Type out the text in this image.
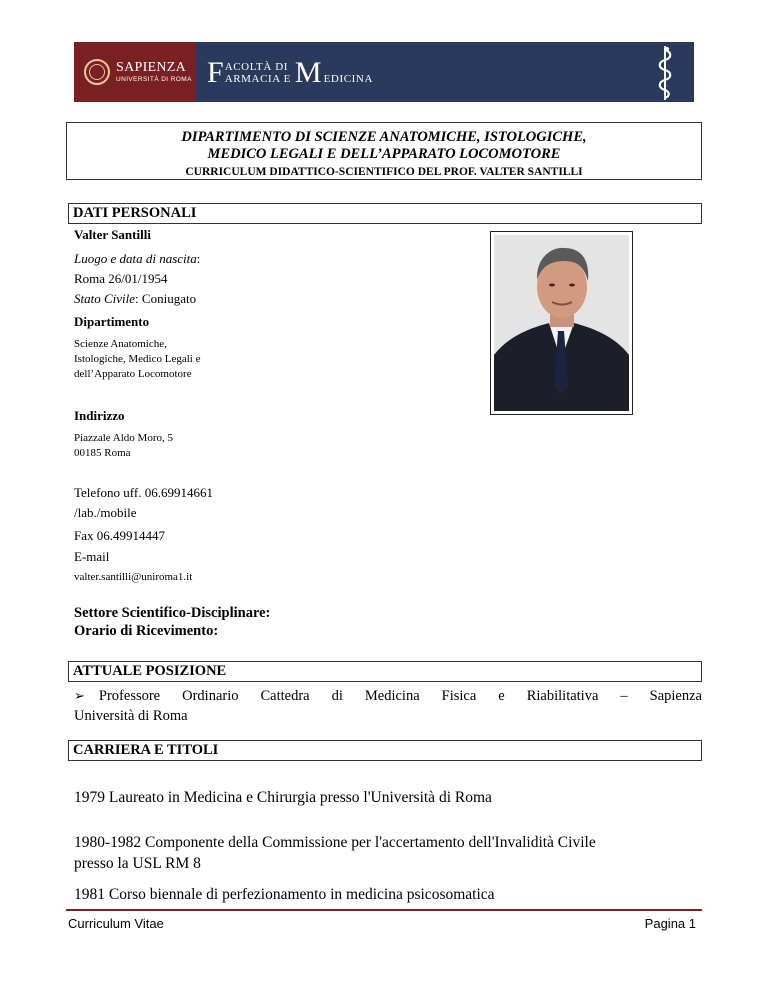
SAPIENZA
UNIVERSITÀ DI ROMA F ACOLTÀ DI
ARMACIA E M EDICINA
DIPARTIMENTO DI SCIENZE ANATOMICHE, ISTOLOGICHE,
MEDICO LEGALI E DELL’APPARATO LOCOMOTORE
CURRICULUM DIDATTICO-SCIENTIFICO DEL PROF. VALTER SANTILLI
DATI PERSONALI
Valter Santilli
Luogo e data di nascita:
Roma 26/01/1954
Stato Civile: Coniugato
Dipartimento
Scienze Anatomiche,
Istologiche, Medico Legali e
dell’Apparato Locomotore
Indirizzo
Piazzale Aldo Moro, 5
00185 Roma
Telefono uff. 06.69914661
/lab./mobile
Fax 06.49914447
E-mail
valter.santilli@uniroma1.it
Settore Scientifico-Disciplinare:
Orario di Ricevimento:
ATTUALE POSIZIONE
➢ Professore Ordinario Cattedra di Medicina Fisica e Riabilitativa – Sapienza
Università di Roma
CARRIERA E TITOLI
1979 Laureato in Medicina e Chirurgia presso l'Università di Roma
1980-1982 Componente della Commissione per l'accertamento dell'Invalidità Civile
presso la USL RM 8
1981 Corso biennale di perfezionamento in medicina psicosomatica
Curriculum Vitae	Pagina 1
